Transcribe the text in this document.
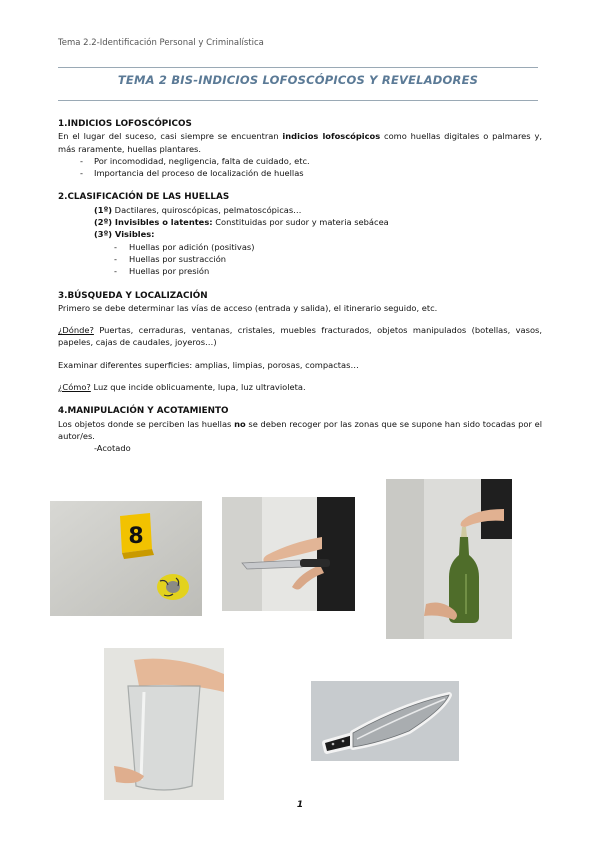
Tema 2.2-Identificación Personal y Criminalística
TEMA 2 BIS-INDICIOS LOFOSCÓPICOS Y REVELADORES

1.INDICIOS LOFOSCÓPICOS

En el lugar del suceso, casi siempre se encuentran indicios lofoscópicos como huellas digitales o palmares y, más raramente, huellas plantares.

- Por incomodidad, negligencia, falta de cuidado, etc.
- Importancia del proceso de localización de huellas

2.CLASIFICACIÓN DE LAS HUELLAS

(1º) Dactilares, quiroscópicas, pelmatoscópicas…

(2º) Invisibles o latentes: Constituidas por sudor y materia sebácea

(3º) Visibles:

- Huellas por adición (positivas)
- Huellas por sustracción
- Huellas por presión

3.BÚSQUEDA Y LOCALIZACIÓN

Primero se debe determinar las vías de acceso (entrada y salida), el itinerario seguido, etc.

¿Dónde? Puertas, cerraduras, ventanas, cristales, muebles fracturados, objetos manipulados (botellas, vasos, papeles, cajas de caudales, joyeros…)

Examinar diferentes superficies: amplias, limpias, porosas, compactas…

¿Cómo? Luz que incide oblicuamente, lupa, luz ultravioleta.

4.MANIPULACIÓN Y ACOTAMIENTO

Los objetos donde se perciben las huellas no se deben recoger por las zonas que se supone han sido tocadas por el autor/es.

-Acotado

8
1
